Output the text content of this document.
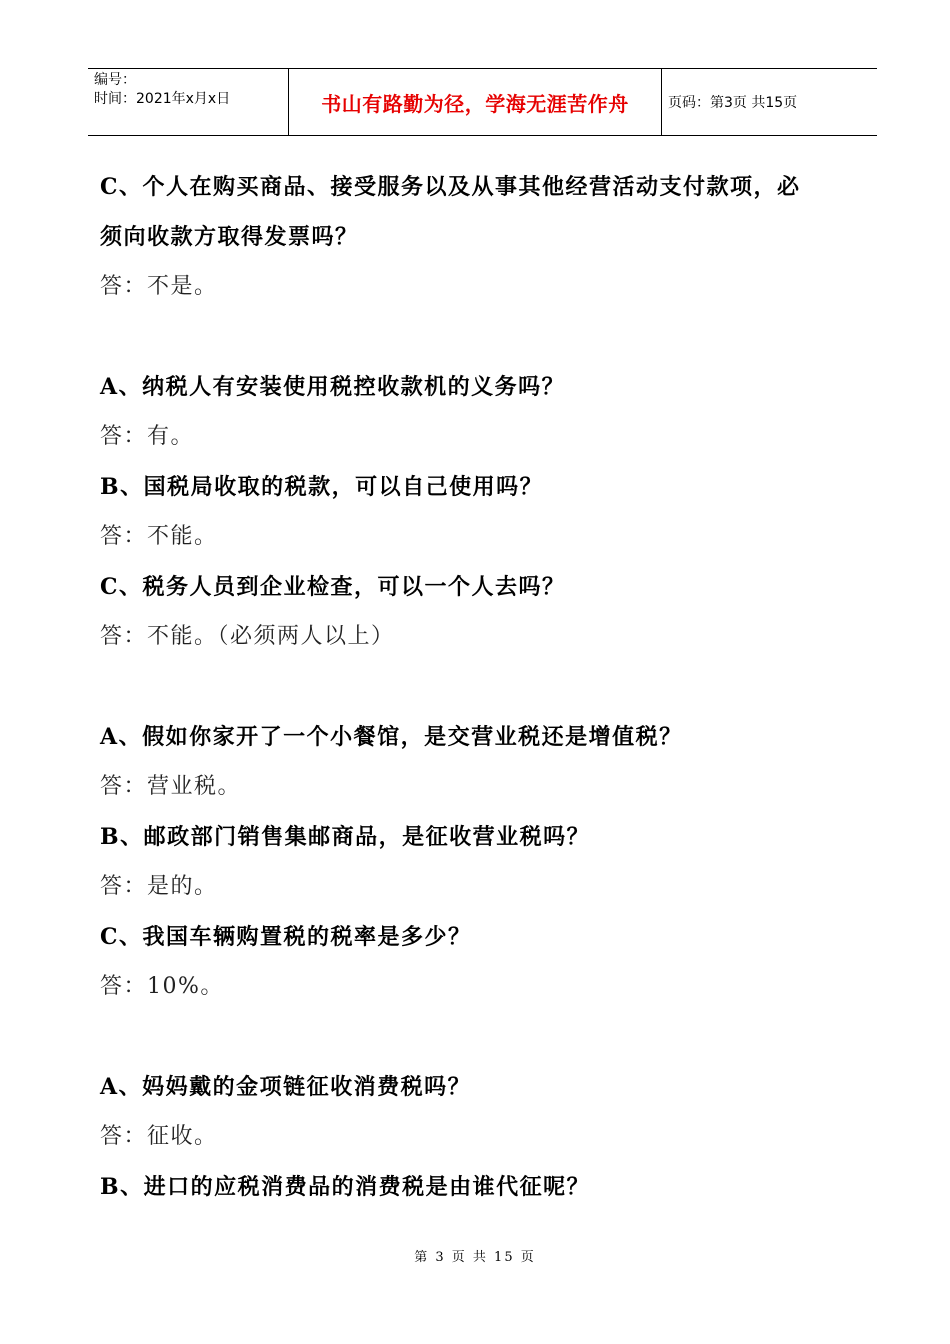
编号：
时间：2021年x月x日	书山有路勤为径，学海无涯苦作舟	页码：第3页 共15页
C、个人在购买商品、接受服务以及从事其他经营活动支付款项，必
须向收款方取得发票吗？
答：不是。
A、纳税人有安装使用税控收款机的义务吗？
答：有。
B、国税局收取的税款，可以自己使用吗？
答：不能。
C、税务人员到企业检查，可以一个人去吗？
答：不能。（必须两人以上）
A、假如你家开了一个小餐馆，是交营业税还是增值税？
答：营业税。
B、邮政部门销售集邮商品，是征收营业税吗？
答：是的。
C、我国车辆购置税的税率是多少？
答：10%。
A、妈妈戴的金项链征收消费税吗？
答：征收。
B、进口的应税消费品的消费税是由谁代征呢？
第 3 页 共 15 页
